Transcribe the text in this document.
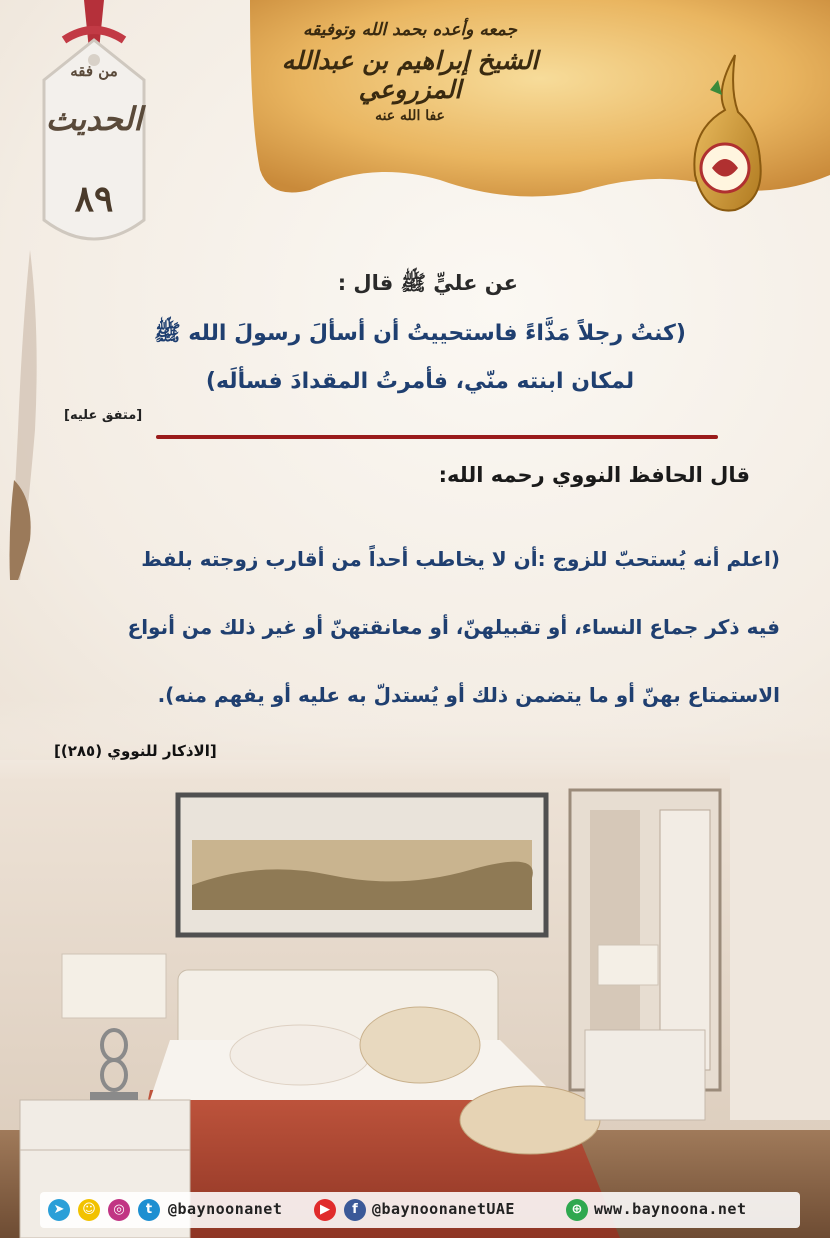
جمعه وأعده بحمد الله وتوفيقه
الشيخ إبراهيم بن عبدالله المزروعي
عفا الله عنه
من فقه
الحديث
٨٩
عن عليٍّ ﷺ قال :
(كنتُ رجلاً مَذَّاءً فاستحييتُ أن أسألَ رسولَ الله ﷺ
لمكان ابنته منّي، فأمرتُ المقدادَ فسألَه)
[متفق عليه]
قال الحافظ النووي رحمه الله:
(اعلم أنه يُستحبّ للزوج :أن لا يخاطب أحداً من أقارب زوجته بلفظ
فيه ذكر جماع النساء، أو تقبيلهنّ، أو معانقتهنّ أو غير ذلك من أنواع
الاستمتاع بهنّ أو ما يتضمن ذلك أو يُستدلّ به عليه أو يفهم منه).
[الاذكار للنووي (٢٨٥)]
➤	☺	◎	t	@baynoonanet	▶	f @baynoonanetUAE	⊕ www.baynoona.net
